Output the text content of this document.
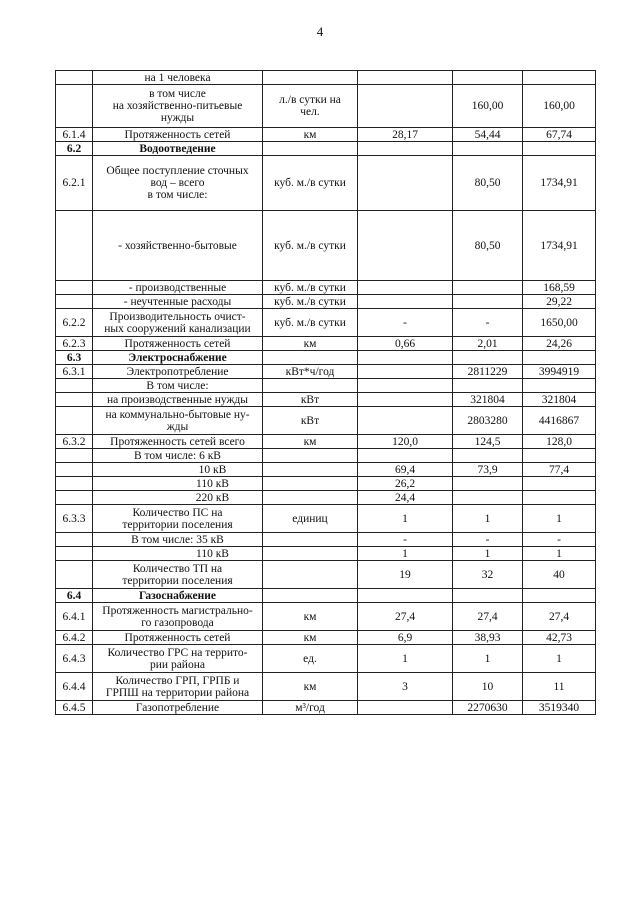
4

	на 1 человека				

	в том числе
на хозяйственно-питьевые
нужды	л./в сутки на
чел.		160,00	160,00
6.1.4	Протяженность сетей	км	28,17	54,44	67,74
6.2	Водоотведение				

6.2.1	Общее поступление сточных
вод – всего
в том числе:	куб. м./в сутки		80,50	1734,91

	- хозяйственно-бытовые	куб. м./в сутки		80,50	1734,91

	- производственные	куб. м./в сутки			168,59

	- неучтенные расходы	куб. м./в сутки			29,22
6.2.2	Производительность очист-
ных сооружений канализации	куб. м./в сутки	-	-	1650,00
6.2.3	Протяженность сетей	км	0,66	2,01	24,26
6.3	Электроснабжение				

6.3.1	Электропотребление	кВт*ч/год		2811229	3994919

	В том числе:				

	на производственные нужды	кВт		321804	321804

	на коммунально-бытовые ну-
жды	кВт		2803280	4416867
6.3.2	Протяженность сетей всего	км	120,0	124,5	128,0

	В том числе: 6 кВ				

	10 кВ		69,4	73,9	77,4

	110 кВ		26,2		

	220 кВ		24,4		
6.3.3	Количество ПС на
территории поселения	единиц	1	1	1

	В том числе: 35 кВ		-	-	-

	110 кВ		1	1	1

	Количество ТП на
территории поселения		19	32	40
6.4	Газоснабжение				

6.4.1	Протяженность магистрально-
го газопровода	км	27,4	27,4	27,4
6.4.2	Протяженность сетей	км	6,9	38,93	42,73
6.4.3	Количество ГРС на террито-
рии района	ед.	1	1	1
6.4.4	Количество ГРП, ГРПБ и
ГРПШ на территории района	км	3	10	11
6.4.5	Газопотребление	м³/год		2270630	3519340
